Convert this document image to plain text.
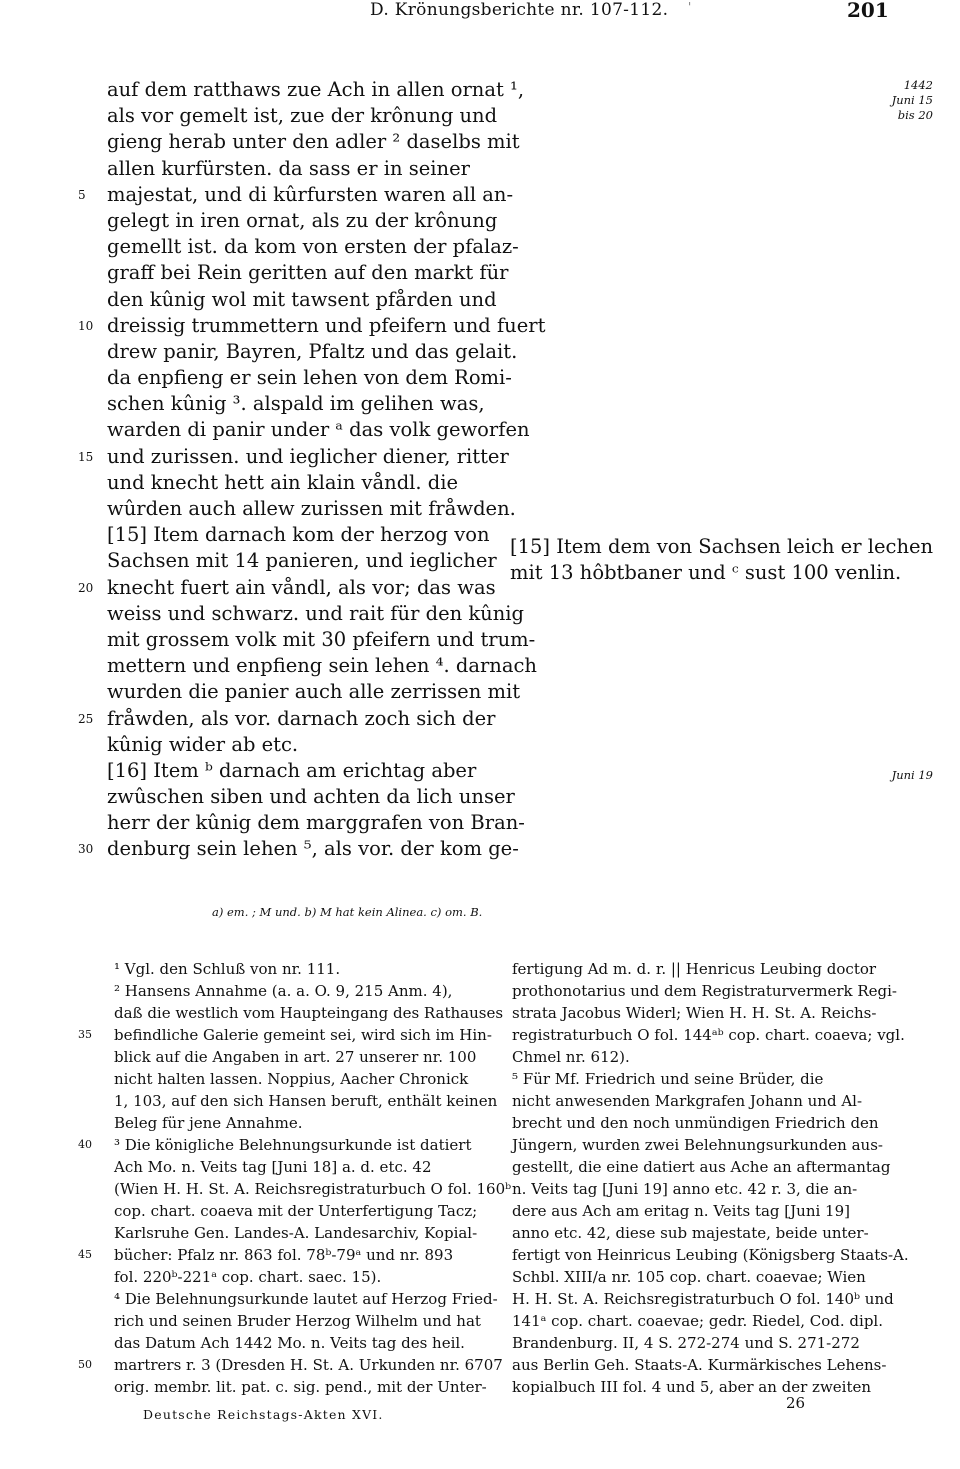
D. Krönungsberichte nr. 107-112. '	201
1442
Juni 15
bis 20
Juni 19
auf dem ratthaws zue Ach in allen ornat ¹,
als vor gemelt ist, zue der krônung und
gieng herab unter den adler ² daselbs mit
allen kurfürsten. da sass er in seiner
5	majestat, und di kûrfursten waren all an-
gelegt in iren ornat, als zu der krônung
gemellt ist. da kom von ersten der pfalaz-
graff bei Rein geritten auf den markt für
den kûnig wol mit tawsent pfården und
10 dreissig trummettern und pfeifern und fuert
drew panir, Bayren, Pfaltz und das gelait.
da enpfieng er sein lehen von dem Romi-
schen kûnig ³. alspald im gelihen was,
warden di panir under ᵃ das volk geworfen
15 und zurissen. und ieglicher diener, ritter
und knecht hett ain klain våndl. die
wûrden auch allew zurissen mit fråwden.
[15] Item darnach kom der herzog von
Sachsen mit 14 panieren, und ieglicher
20 knecht fuert ain våndl, als vor; das was
weiss und schwarz. und rait für den kûnig
mit grossem volk mit 30 pfeifern und trum-
mettern und enpfieng sein lehen ⁴. darnach
wurden die panier auch alle zerrissen mit
25 fråwden, als vor. darnach zoch sich der
kûnig wider ab etc.
[16] Item ᵇ darnach am erichtag aber
zwûschen siben und achten da lich unser
herr der kûnig dem marggrafen von Bran-
30 denburg sein lehen ⁵, als vor. der kom ge-
[15] Item dem von Sachsen leich er lechen
mit 13 hôbtbaner und ᶜ sust 100 venlin.
a) em. ; M und. b) M hat kein Alinea. c) om. B.
¹ Vgl. den Schluß von nr. 111.
² Hansens Annahme (a. a. O. 9, 215 Anm. 4),
daß die westlich vom Haupteingang des Rathauses
35	befindliche Galerie gemeint sei, wird sich im Hin-
blick auf die Angaben in art. 27 unserer nr. 100
nicht halten lassen. Noppius, Aacher Chronick
1, 103, auf den sich Hansen beruft, enthält keinen
Beleg für jene Annahme.
40	³ Die königliche Belehnungsurkunde ist datiert
Ach Mo. n. Veits tag [Juni 18] a. d. etc. 42
(Wien H. H. St. A. Reichsregistraturbuch O fol. 160ᵇ
cop. chart. coaeva mit der Unterfertigung Tacz;
Karlsruhe Gen. Landes-A. Landesarchiv, Kopial-
45	bücher: Pfalz nr. 863 fol. 78ᵇ-79ᵃ und nr. 893
fol. 220ᵇ-221ᵃ cop. chart. saec. 15).
⁴ Die Belehnungsurkunde lautet auf Herzog Fried-
rich und seinen Bruder Herzog Wilhelm und hat
das Datum Ach 1442 Mo. n. Veits tag des heil.
50	martrers r. 3 (Dresden H. St. A. Urkunden nr. 6707
orig. membr. lit. pat. c. sig. pend., mit der Unter-
fertigung Ad m. d. r. || Henricus Leubing doctor
prothonotarius und dem Registraturvermerk Regi-
strata Jacobus Widerl; Wien H. H. St. A. Reichs-
registraturbuch O fol. 144ᵃᵇ cop. chart. coaeva; vgl.
Chmel nr. 612).
⁵ Für Mf. Friedrich und seine Brüder, die
nicht anwesenden Markgrafen Johann und Al-
brecht und den noch unmündigen Friedrich den
Jüngern, wurden zwei Belehnungsurkunden aus-
gestellt, die eine datiert aus Ache an aftermantag
n. Veits tag [Juni 19] anno etc. 42 r. 3, die an-
dere aus Ach am eritag n. Veits tag [Juni 19]
anno etc. 42, diese sub majestate, beide unter-
fertigt von Heinricus Leubing (Königsberg Staats-A.
Schbl. XIII/a nr. 105 cop. chart. coaevae; Wien
H. H. St. A. Reichsregistraturbuch O fol. 140ᵇ und
141ᵃ cop. chart. coaevae; gedr. Riedel, Cod. dipl.
Brandenburg. II, 4 S. 272-274 und S. 271-272
aus Berlin Geh. Staats-A. Kurmärkisches Lehens-
kopialbuch III fol. 4 und 5, aber an der zweiten
Deutsche Reichstags-Akten XVI.
26
